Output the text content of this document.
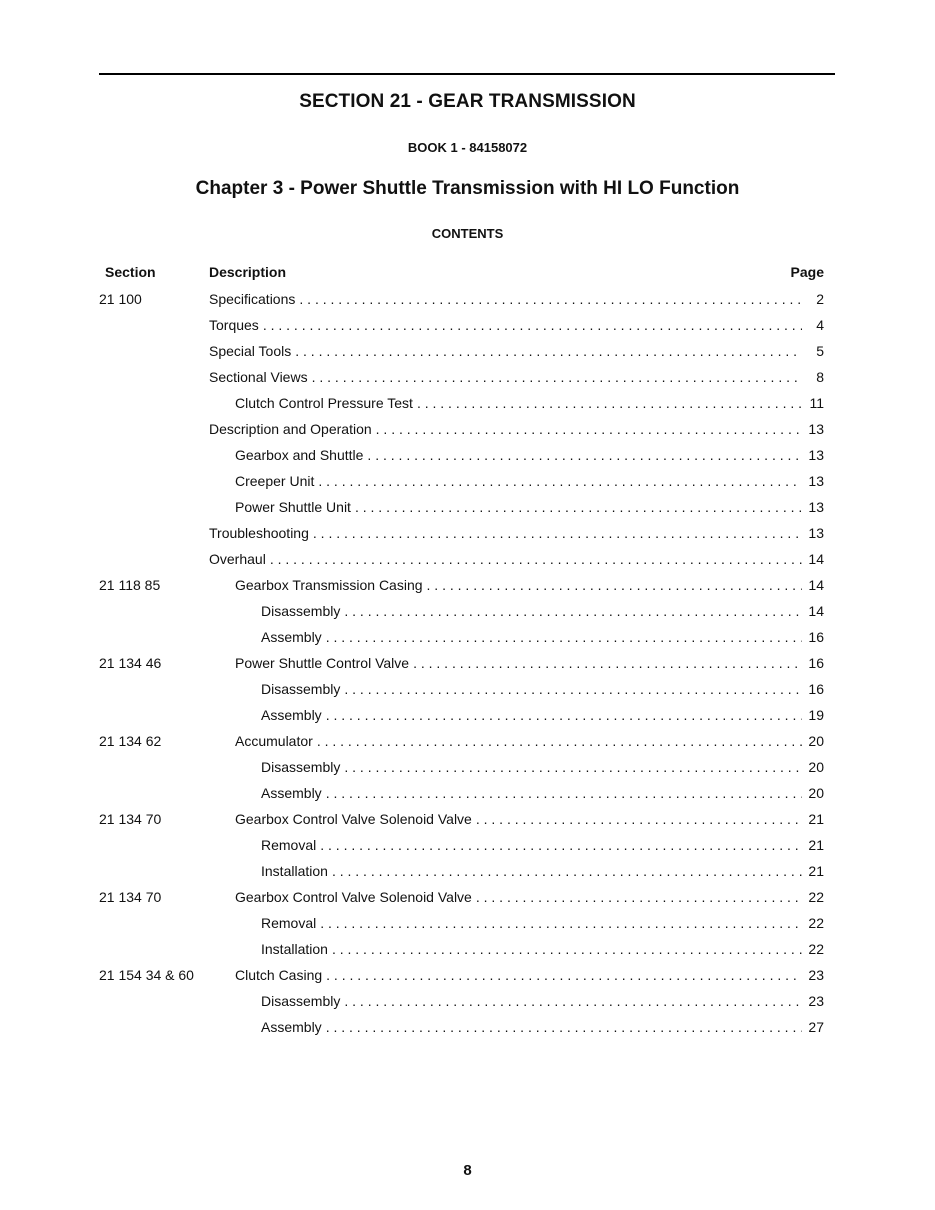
SECTION 21 - GEAR TRANSMISSION
BOOK 1 - 84158072
Chapter 3 - Power Shuttle Transmission with HI LO Function
CONTENTS
Section	Description	Page
21 100	Specifications . . .	2
Torques . . .	4
Special Tools . . .	5
Sectional Views . . .	8
Clutch Control Pressure Test . . .	11
Description and Operation . . .	13
Gearbox and Shuttle . . .	13
Creeper Unit . . .	13
Power Shuttle Unit . . .	13
Troubleshooting . . .	13
Overhaul . . .	14
21 118 85	Gearbox Transmission Casing . . .	14
Disassembly . . .	14
Assembly . . .	16
21 134 46	Power Shuttle Control Valve . . .	16
Disassembly . . .	16
Assembly . . .	19
21 134 62	Accumulator . . .	20
Disassembly . . .	20
Assembly . . .	20
21 134 70	Gearbox Control Valve Solenoid Valve . . .	21
Removal . . .	21
Installation . . .	21
21 134 70	Gearbox Control Valve Solenoid Valve . . .	22
Removal . . .	22
Installation . . .	22
21 154 34 & 60	Clutch Casing . . .	23
Disassembly . . .	23
Assembly . . .	27
8
